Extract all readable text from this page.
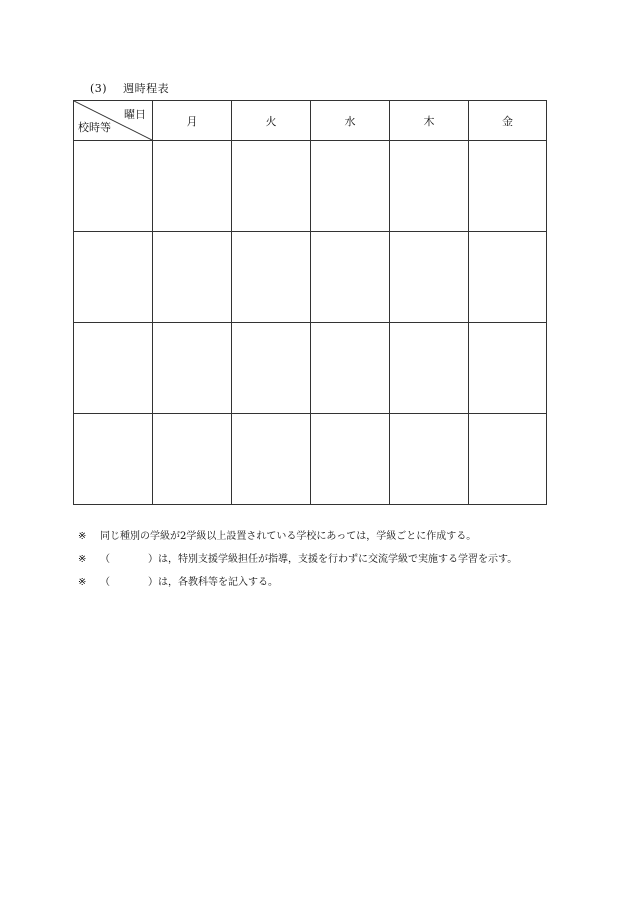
(3) 週時程表
曜日
校時等	月	火	水	木	金

※	同じ種別の学級が2学級以上設置されている学校にあっては，学級ごとに作成する。
※	（	） は，特別支援学級担任が指導，支援を行わずに交流学級で実施する学習を示す。
※	（	） は，各教科等を記入する。
